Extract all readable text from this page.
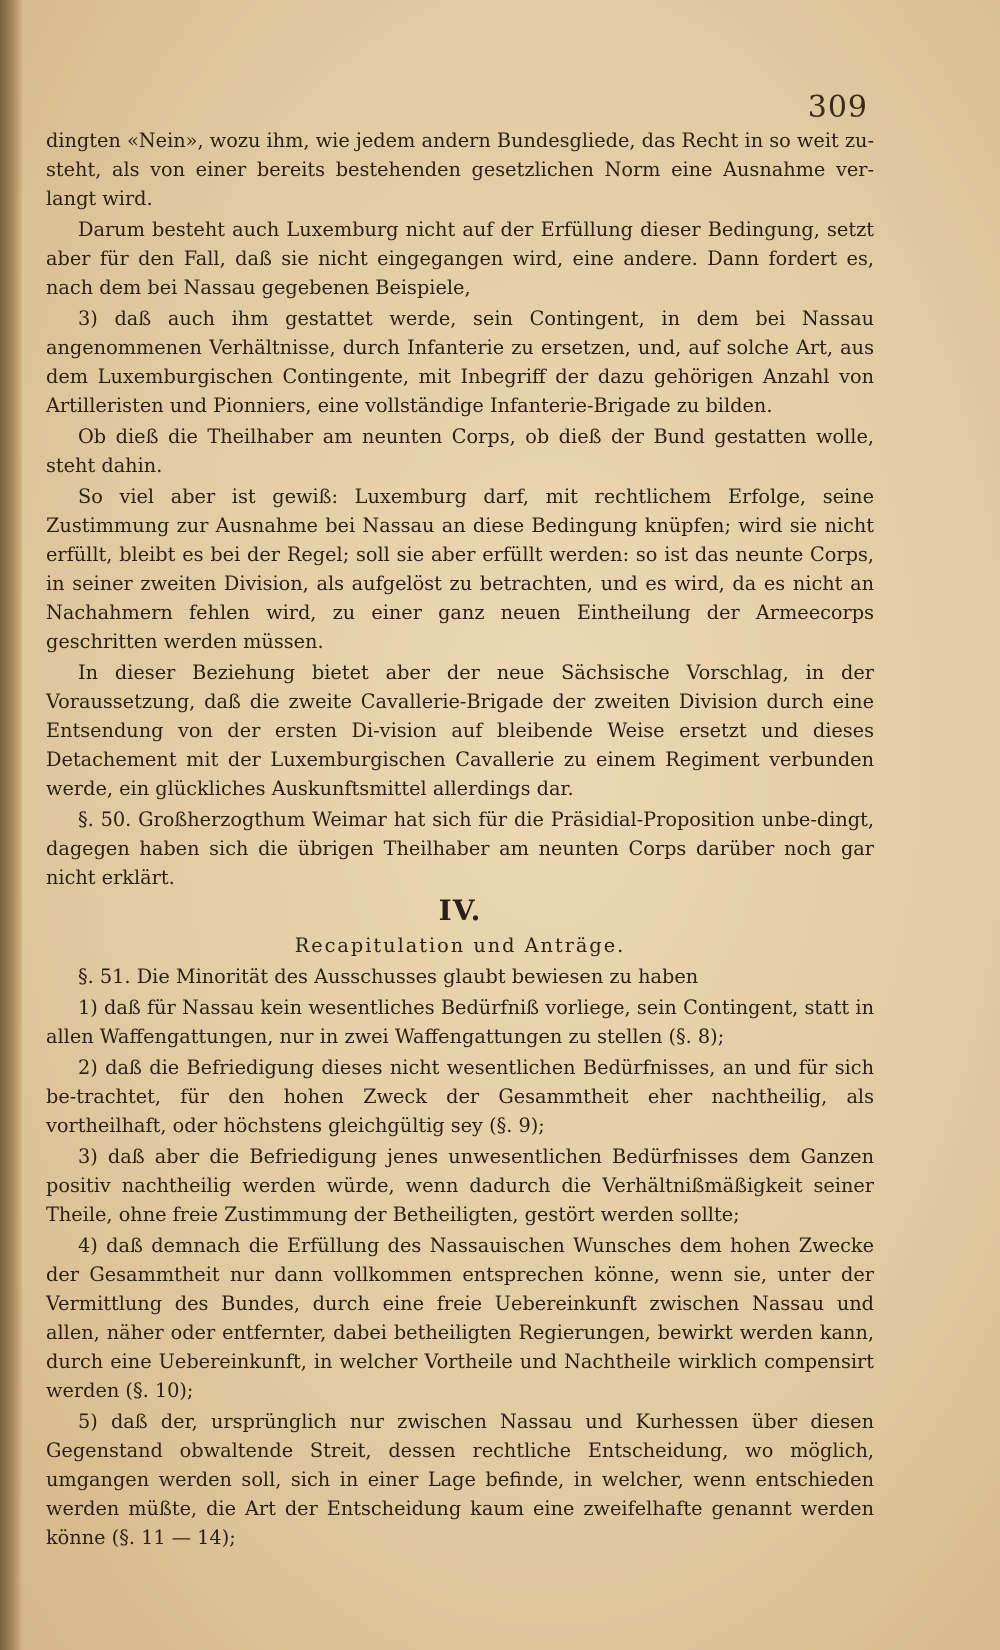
309

dingten «Nein», wozu ihm, wie jedem andern Bundesgliede, das Recht in so weit zu-steht, als von einer bereits bestehenden gesetzlichen Norm eine Ausnahme ver-langt wird.

Darum besteht auch Luxemburg nicht auf der Erfüllung dieser Bedingung, setzt aber für den Fall, daß sie nicht eingegangen wird, eine andere. Dann fordert es, nach dem bei Nassau gegebenen Beispiele,

3) daß auch ihm gestattet werde, sein Contingent, in dem bei Nassau angenommenen Verhältnisse, durch Infanterie zu ersetzen, und, auf solche Art, aus dem Luxemburgischen Contingente, mit Inbegriff der dazu gehörigen Anzahl von Artilleristen und Pionniers, eine vollständige Infanterie-Brigade zu bilden.

Ob dieß die Theilhaber am neunten Corps, ob dieß der Bund gestatten wolle, steht dahin.

So viel aber ist gewiß: Luxemburg darf, mit rechtlichem Erfolge, seine Zustimmung zur Ausnahme bei Nassau an diese Bedingung knüpfen; wird sie nicht erfüllt, bleibt es bei der Regel; soll sie aber erfüllt werden: so ist das neunte Corps, in seiner zweiten Division, als aufgelöst zu betrachten, und es wird, da es nicht an Nachahmern fehlen wird, zu einer ganz neuen Eintheilung der Armeecorps geschritten werden müssen.

In dieser Beziehung bietet aber der neue Sächsische Vorschlag, in der Voraussetzung, daß die zweite Cavallerie-Brigade der zweiten Division durch eine Entsendung von der ersten Di-vision auf bleibende Weise ersetzt und dieses Detachement mit der Luxemburgischen Cavallerie zu einem Regiment verbunden werde, ein glückliches Auskunftsmittel allerdings dar.

§. 50. Großherzogthum Weimar hat sich für die Präsidial-Proposition unbe-dingt, dagegen haben sich die übrigen Theilhaber am neunten Corps darüber noch gar nicht erklärt.

IV.
Recapitulation und Anträge.

§. 51. Die Minorität des Ausschusses glaubt bewiesen zu haben

1) daß für Nassau kein wesentliches Bedürfniß vorliege, sein Contingent, statt in allen Waffengattungen, nur in zwei Waffengattungen zu stellen (§. 8);

2) daß die Befriedigung dieses nicht wesentlichen Bedürfnisses, an und für sich be-trachtet, für den hohen Zweck der Gesammtheit eher nachtheilig, als vortheilhaft, oder höchstens gleichgültig sey (§. 9);

3) daß aber die Befriedigung jenes unwesentlichen Bedürfnisses dem Ganzen positiv nachtheilig werden würde, wenn dadurch die Verhältnißmäßigkeit seiner Theile, ohne freie Zustimmung der Betheiligten, gestört werden sollte;

4) daß demnach die Erfüllung des Nassauischen Wunsches dem hohen Zwecke der Gesammtheit nur dann vollkommen entsprechen könne, wenn sie, unter der Vermittlung des Bundes, durch eine freie Uebereinkunft zwischen Nassau und allen, näher oder entfernter, dabei betheiligten Regierungen, bewirkt werden kann, durch eine Uebereinkunft, in welcher Vortheile und Nachtheile wirklich compensirt werden (§. 10);

5) daß der, ursprünglich nur zwischen Nassau und Kurhessen über diesen Gegenstand obwaltende Streit, dessen rechtliche Entscheidung, wo möglich, umgangen werden soll, sich in einer Lage befinde, in welcher, wenn entschieden werden müßte, die Art der Entscheidung kaum eine zweifelhafte genannt werden könne (§. 11 — 14);
